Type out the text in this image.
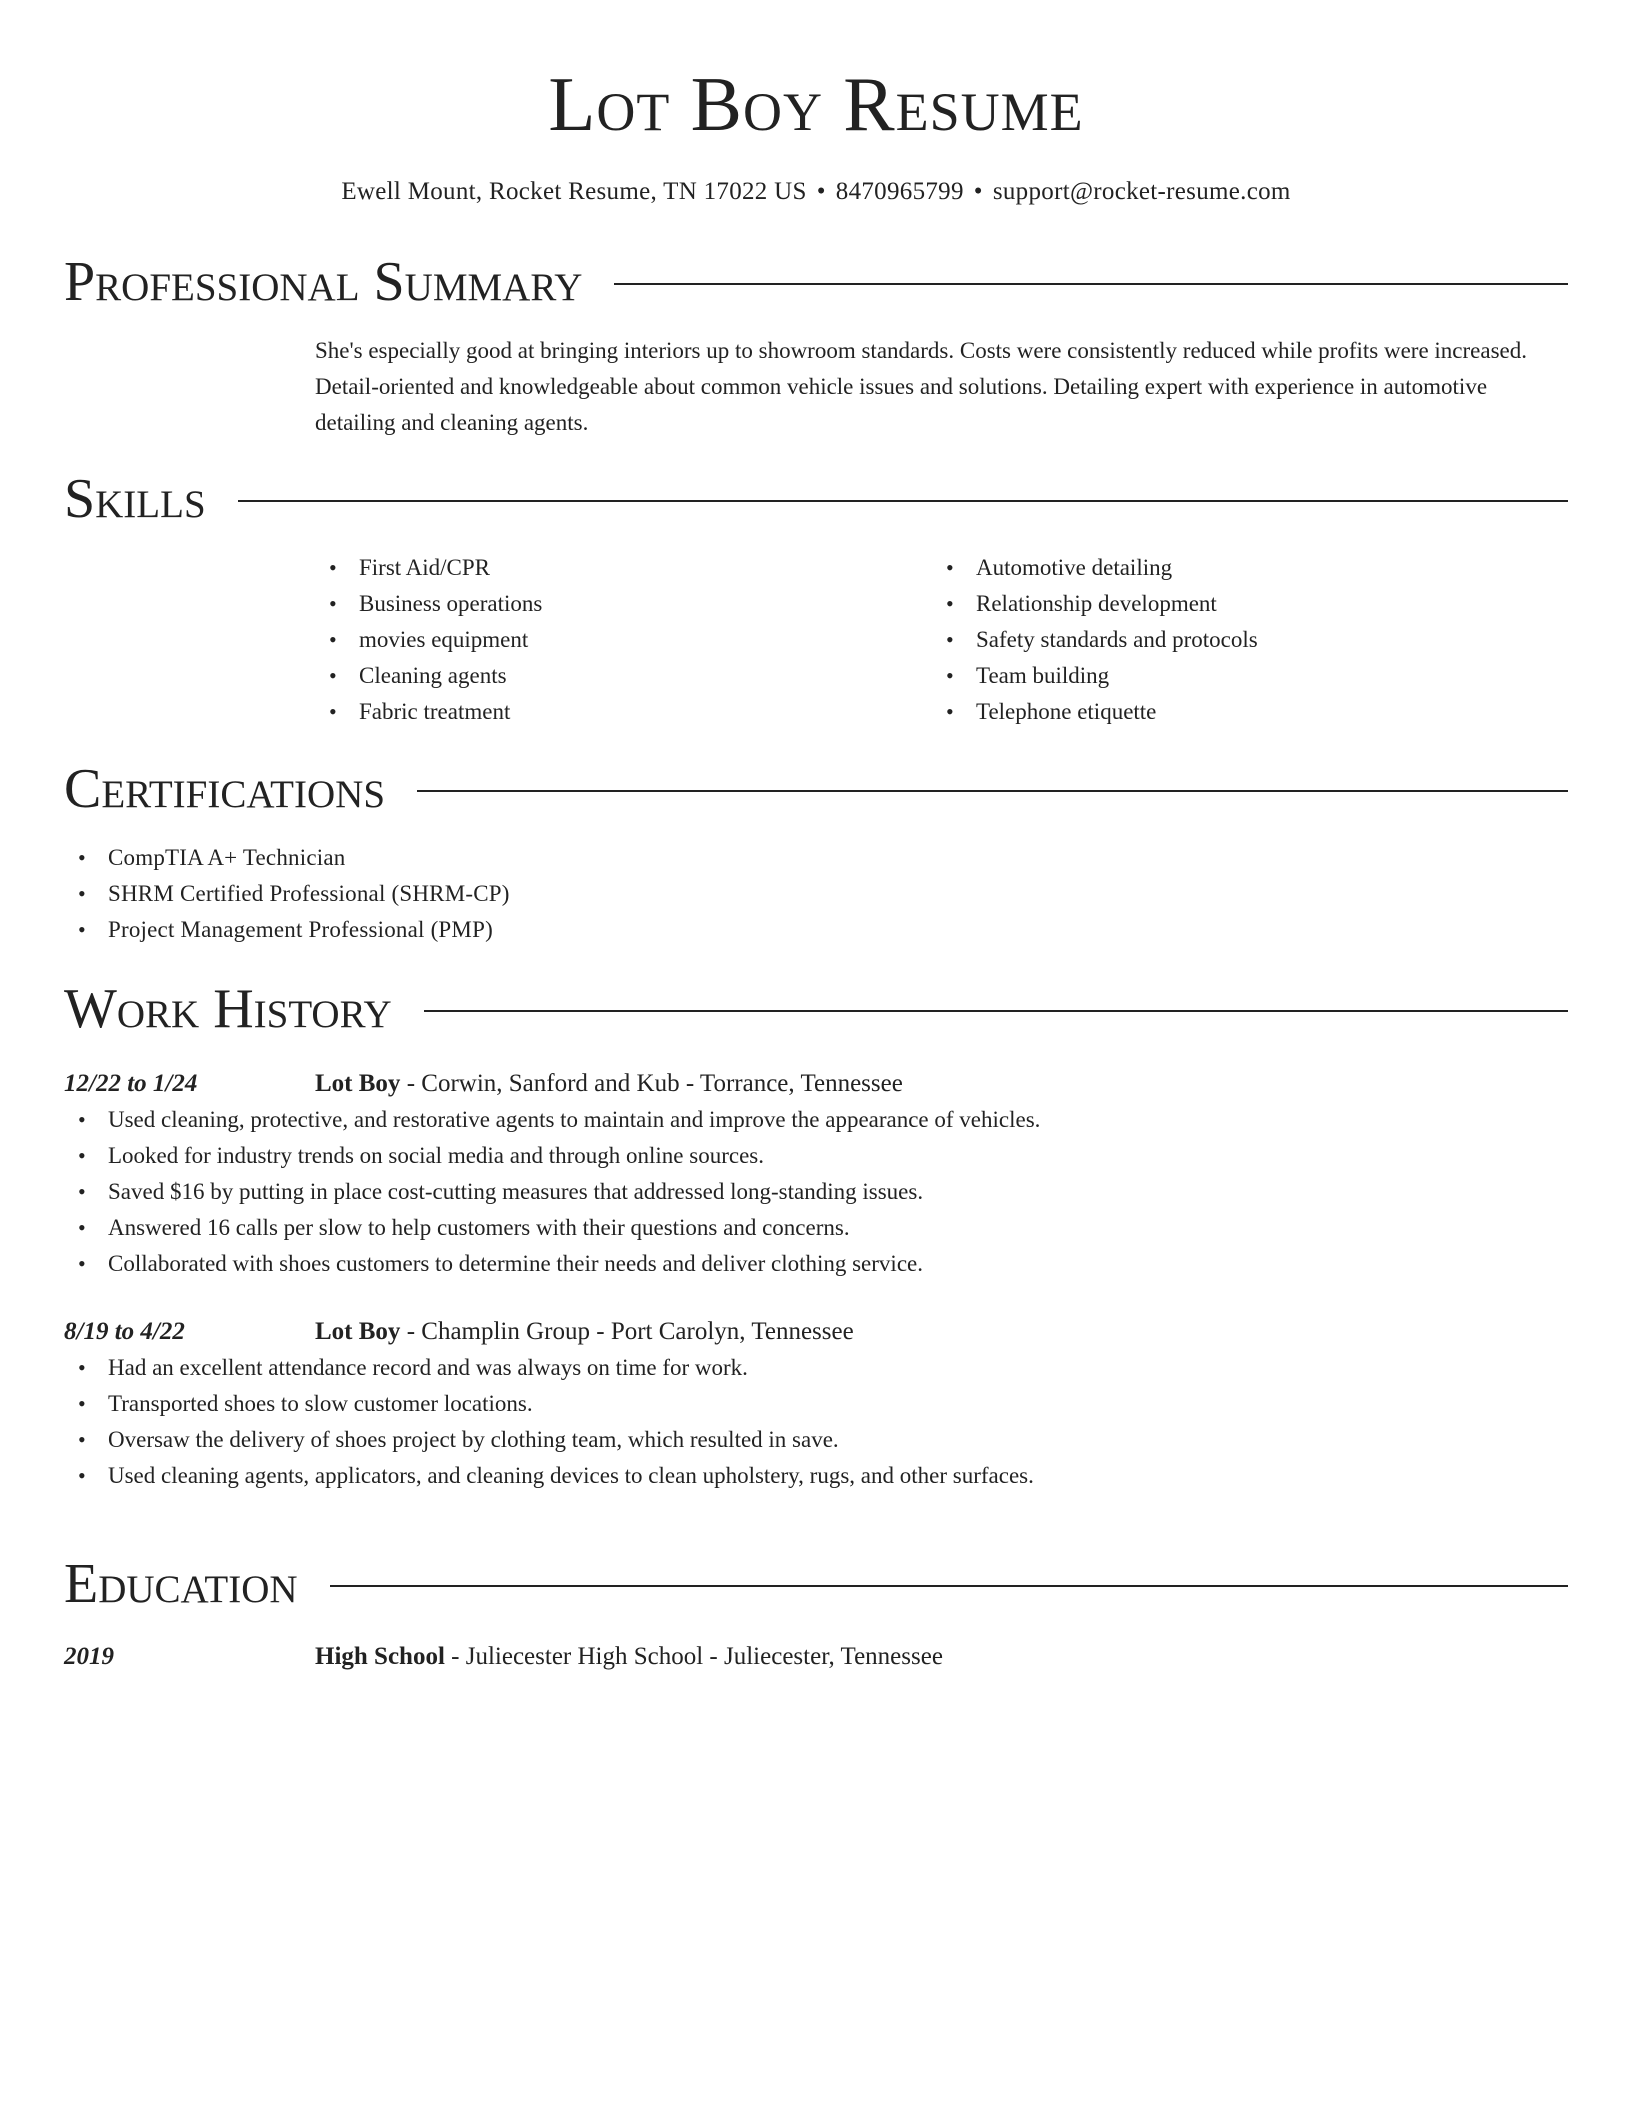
Lot Boy Resume
Ewell Mount, Rocket Resume, TN 17022 US • 8470965799 • support@rocket-resume.com
Professional Summary

She's especially good at bringing interiors up to showroom standards. Costs were consistently reduced while profits were increased. Detail-oriented and knowledgeable about common vehicle issues and solutions. Detailing expert with experience in automotive detailing and cleaning agents.

Skills
• First Aid/CPR
• Business operations
• movies equipment
• Cleaning agents
• Fabric treatment
• Automotive detailing
• Relationship development
• Safety standards and protocols
• Team building
• Telephone etiquette
Certifications
• CompTIA A+ Technician
• SHRM Certified Professional (SHRM-CP)
• Project Management Professional (PMP)
Work History
12/22 to 1/24	Lot Boy - Corwin, Sanford and Kub - Torrance, Tennessee
• Used cleaning, protective, and restorative agents to maintain and improve the appearance of vehicles.
• Looked for industry trends on social media and through online sources.
• Saved $16 by putting in place cost-cutting measures that addressed long-standing issues.
• Answered 16 calls per slow to help customers with their questions and concerns.
• Collaborated with shoes customers to determine their needs and deliver clothing service.
8/19 to 4/22	Lot Boy - Champlin Group - Port Carolyn, Tennessee
• Had an excellent attendance record and was always on time for work.
• Transported shoes to slow customer locations.
• Oversaw the delivery of shoes project by clothing team, which resulted in save.
• Used cleaning agents, applicators, and cleaning devices to clean upholstery, rugs, and other surfaces.
Education
2019	High School - Juliecester High School - Juliecester, Tennessee
